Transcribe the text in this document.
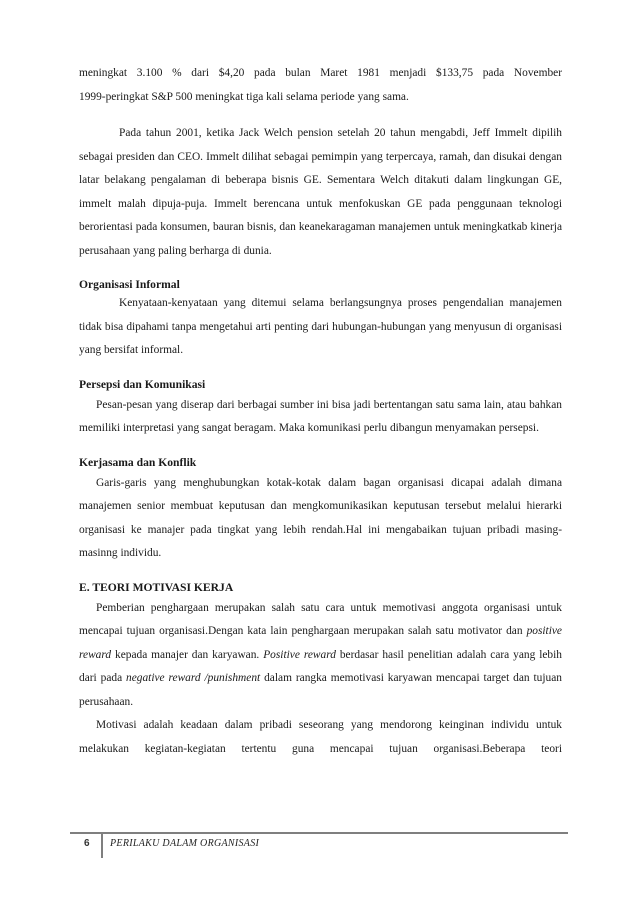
meningkat 3.100 % dari $4,20 pada bulan Maret 1981 menjadi $133,75 pada November

1999-peringkat S&P 500 meningkat tiga kali selama periode yang sama.

Pada tahun 2001, ketika Jack Welch pension setelah 20 tahun mengabdi, Jeff Immelt dipilih sebagai presiden dan CEO. Immelt dilihat sebagai pemimpin yang terpercaya, ramah, dan disukai dengan latar belakang pengalaman di beberapa bisnis GE. Sementara Welch ditakuti dalam lingkungan GE, immelt malah dipuja-puja. Immelt berencana untuk menfokuskan GE pada penggunaan teknologi berorientasi pada konsumen, bauran bisnis, dan keanekaragaman manajemen untuk meningkatkab kinerja perusahaan yang paling berharga di dunia.

Organisasi Informal

Kenyataan-kenyataan yang ditemui selama berlangsungnya proses pengendalian manajemen tidak bisa dipahami tanpa mengetahui arti penting dari hubungan-hubungan yang menyusun di organisasi yang bersifat informal.

Persepsi dan Komunikasi

Pesan-pesan yang diserap dari berbagai sumber ini bisa jadi bertentangan satu sama lain, atau bahkan memiliki interpretasi yang sangat beragam. Maka komunikasi perlu dibangun menyamakan persepsi.

Kerjasama dan Konflik

Garis-garis yang menghubungkan kotak-kotak dalam bagan organisasi dicapai adalah dimana manajemen senior membuat keputusan dan mengkomunikasikan keputusan tersebut melalui hierarki organisasi ke manajer pada tingkat yang lebih rendah.Hal ini mengabaikan tujuan pribadi masing-masinng individu.

E. TEORI MOTIVASI KERJA

Pemberian penghargaan merupakan salah satu cara untuk memotivasi anggota organisasi untuk mencapai tujuan organisasi.Dengan kata lain penghargaan merupakan salah satu motivator dan positive reward kepada manajer dan karyawan. Positive reward berdasar hasil penelitian adalah cara yang lebih dari pada negative reward /punishment dalam rangka memotivasi karyawan mencapai target dan tujuan perusahaan.

Motivasi adalah keadaan dalam pribadi seseorang yang mendorong keinginan individu untuk melakukan kegiatan-kegiatan tertentu guna mencapai tujuan organisasi.Beberapa teori

6 PERILAKU DALAM ORGANISASI
